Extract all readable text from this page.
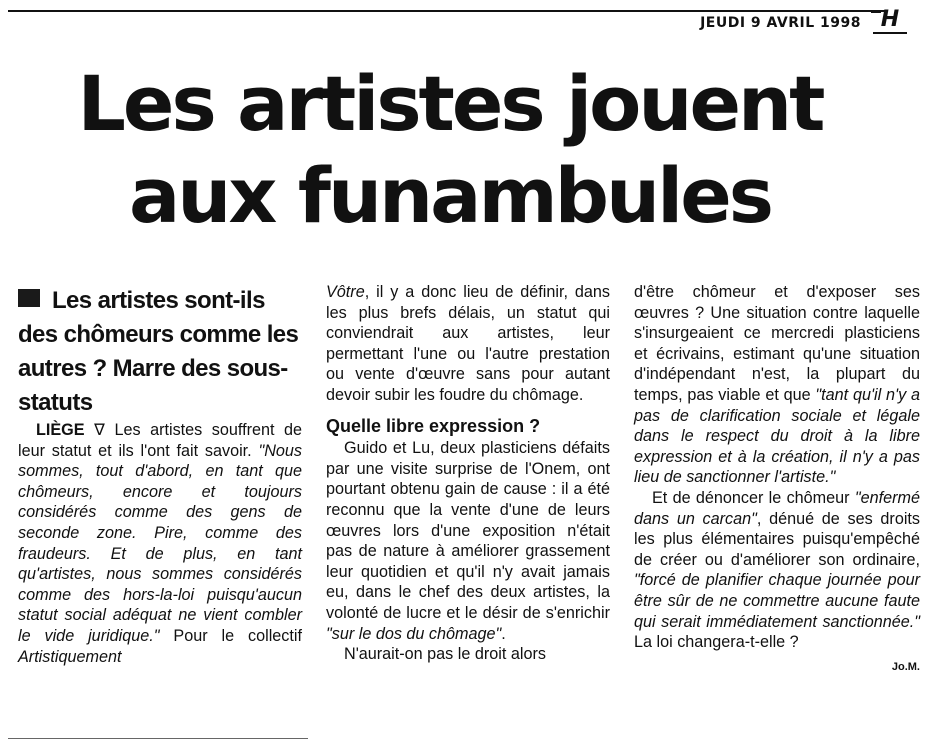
JEUDI 9 AVRIL 1998 H
Les artistes jouent
aux funambules

Les artistes sont-ils des chômeurs comme les autres ? Marre des sous-statuts

LIÈGE ∇ Les artistes souffrent de leur statut et ils l'ont fait savoir. "Nous sommes, tout d'abord, en tant que chômeurs, encore et toujours considérés comme des gens de seconde zone. Pire, comme des fraudeurs. Et de plus, en tant qu'artistes, nous sommes considérés comme des hors-la-loi puisqu'aucun statut social adéquat ne vient combler le vide juridique." Pour le collectif Artistiquement

Vôtre, il y a donc lieu de définir, dans les plus brefs délais, un statut qui conviendrait aux artistes, leur permettant l'une ou l'autre prestation ou vente d'œuvre sans pour autant devoir subir les foudre du chômage.

Quelle libre expression ?

Guido et Lu, deux plasticiens défaits par une visite surprise de l'Onem, ont pourtant obtenu gain de cause : il a été reconnu que la vente d'une de leurs œuvres lors d'une exposition n'était pas de nature à améliorer grassement leur quotidien et qu'il n'y avait jamais eu, dans le chef des deux artistes, la volonté de lucre et le désir de s'enrichir "sur le dos du chômage".

N'aurait-on pas le droit alors

d'être chômeur et d'exposer ses œuvres ? Une situation contre laquelle s'insurgeaient ce mercredi plasticiens et écrivains, estimant qu'une situation d'indépendant n'est, la plupart du temps, pas viable et que "tant qu'il n'y a pas de clarification sociale et légale dans le respect du droit à la libre expression et à la création, il n'y a pas lieu de sanctionner l'artiste."

Et de dénoncer le chômeur "enfermé dans un carcan", dénué de ses droits les plus élémentaires puisqu'empêché de créer ou d'améliorer son ordinaire, "forcé de planifier chaque journée pour être sûr de ne commettre aucune faute qui serait immédiatement sanctionnée." La loi changera-t-elle ?

Jo.M.
